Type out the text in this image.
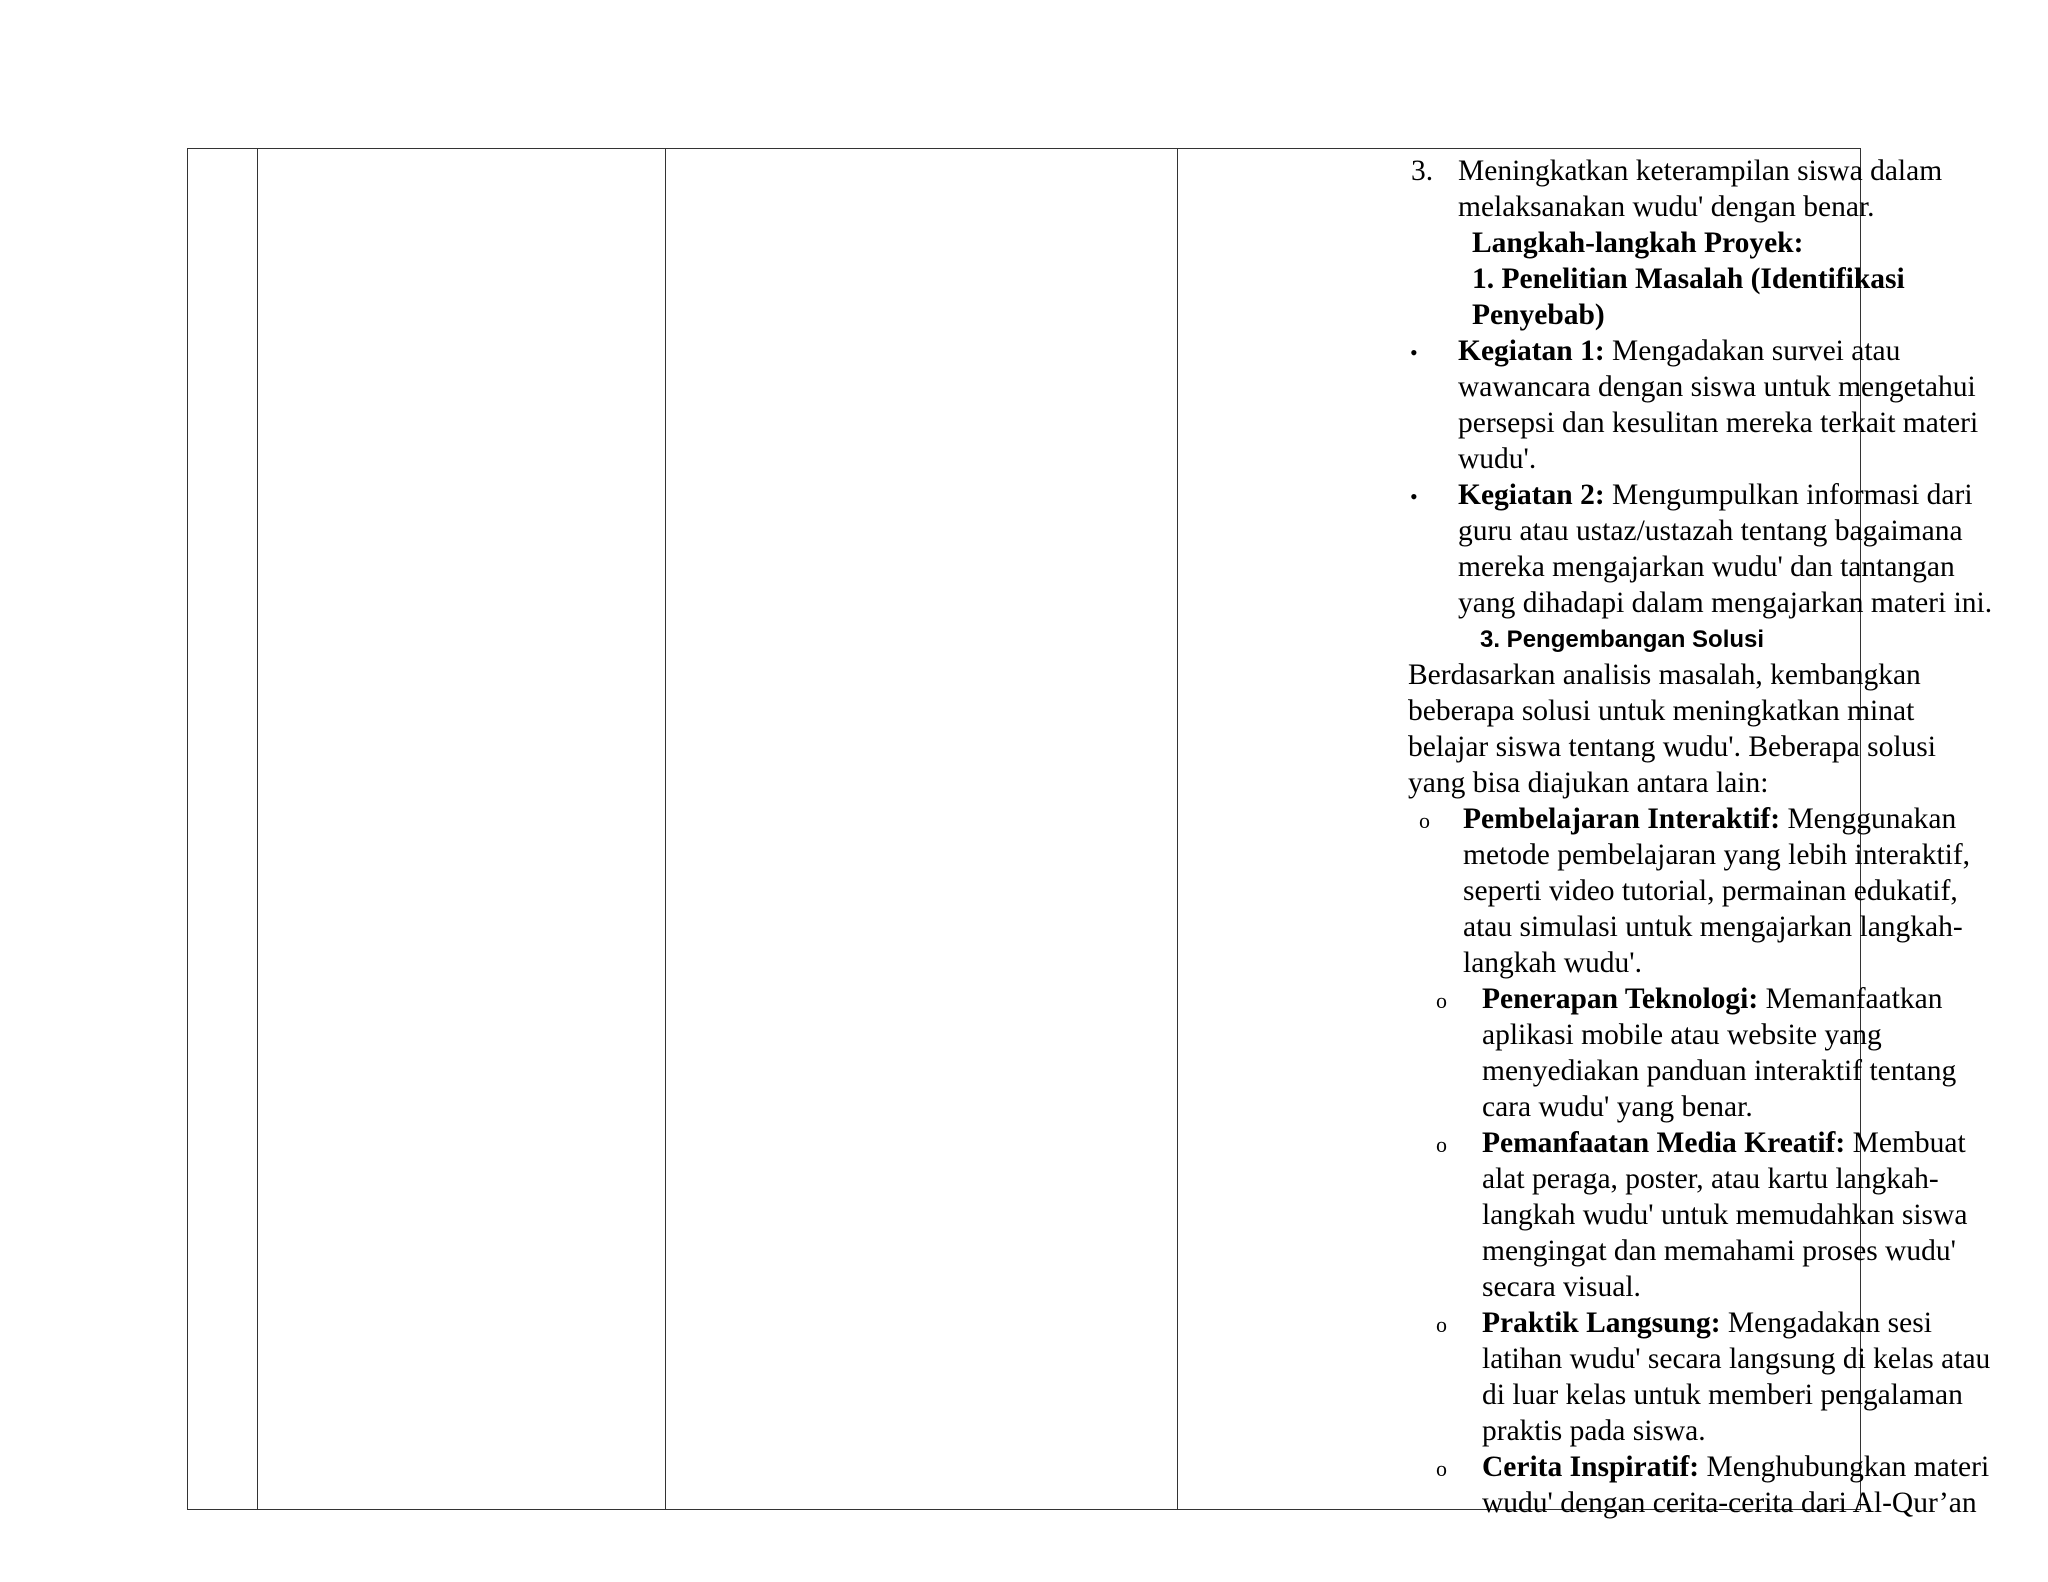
3. Meningkatkan keterampilan siswa dalam
melaksanakan wudu' dengan benar.
Langkah-langkah Proyek:
1. Penelitian Masalah (Identifikasi
Penyebab)
• Kegiatan 1: Mengadakan survei atau
wawancara dengan siswa untuk mengetahui
persepsi dan kesulitan mereka terkait materi
wudu'.
• Kegiatan 2: Mengumpulkan informasi dari
guru atau ustaz/ustazah tentang bagaimana
mereka mengajarkan wudu' dan tantangan
yang dihadapi dalam mengajarkan materi ini.
3. Pengembangan Solusi
Berdasarkan analisis masalah, kembangkan
beberapa solusi untuk meningkatkan minat
belajar siswa tentang wudu'. Beberapa solusi
yang bisa diajukan antara lain:
o Pembelajaran Interaktif: Menggunakan
metode pembelajaran yang lebih interaktif,
seperti video tutorial, permainan edukatif,
atau simulasi untuk mengajarkan langkah-
langkah wudu'.
o Penerapan Teknologi: Memanfaatkan
aplikasi mobile atau website yang
menyediakan panduan interaktif tentang
cara wudu' yang benar.
o Pemanfaatan Media Kreatif: Membuat
alat peraga, poster, atau kartu langkah-
langkah wudu' untuk memudahkan siswa
mengingat dan memahami proses wudu'
secara visual.
o Praktik Langsung: Mengadakan sesi
latihan wudu' secara langsung di kelas atau
di luar kelas untuk memberi pengalaman
praktis pada siswa.
o Cerita Inspiratif: Menghubungkan materi
wudu' dengan cerita-cerita dari Al-Qur’an
